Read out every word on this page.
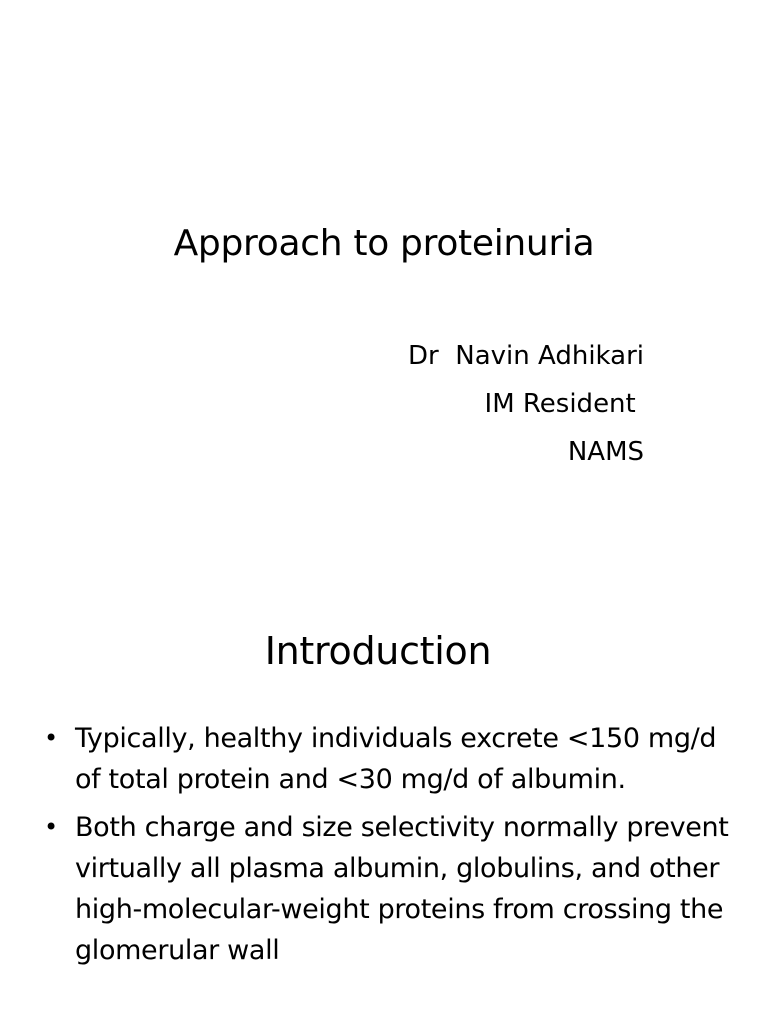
Approach to proteinuria
Dr  Navin Adhikari
IM Resident
NAMS
Introduction
• Typically, healthy individuals excrete <150 mg/d of total protein and <30 mg/d of albumin.
• Both charge and size selectivity normally prevent virtually all plasma albumin, globulins, and other high-molecular-weight proteins from crossing the glomerular wall
